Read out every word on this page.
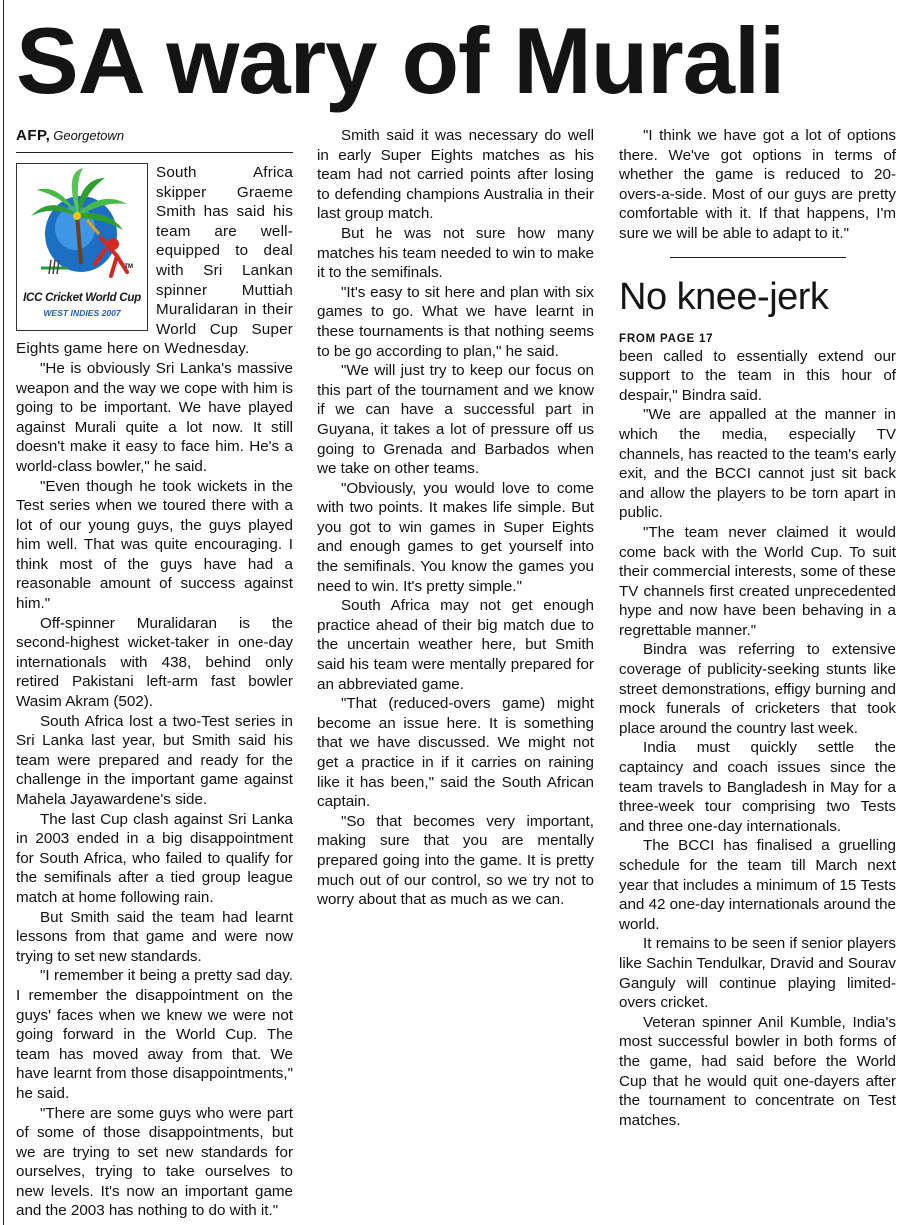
SA wary of Murali
AFP, Georgetown
TM
ICC Cricket World Cup
WEST INDIES 2007

South Africa skipper Graeme Smith has said his team are well-equipped to deal with Sri Lankan spinner Muttiah Muralidaran in their World Cup Super Eights game here on Wednesday.

"He is obviously Sri Lanka's massive weapon and the way we cope with him is going to be important. We have played against Murali quite a lot now. It still doesn't make it easy to face him. He's a world-class bowler," he said.

"Even though he took wickets in the Test series when we toured there with a lot of our young guys, the guys played him well. That was quite encouraging. I think most of the guys have had a reasonable amount of success against him."

Off-spinner Muralidaran is the second-highest wicket-taker in one-day internationals with 438, behind only retired Pakistani left-arm fast bowler Wasim Akram (502).

South Africa lost a two-Test series in Sri Lanka last year, but Smith said his team were prepared and ready for the challenge in the important game against Mahela Jayawardene's side.

The last Cup clash against Sri Lanka in 2003 ended in a big disappointment for South Africa, who failed to qualify for the semifinals after a tied group league match at home following rain.

But Smith said the team had learnt lessons from that game and were now trying to set new standards.

"I remember it being a pretty sad day. I remember the disappointment on the guys' faces when we knew we were not going forward in the World Cup. The team has moved away from that. We have learnt from those disappointments," he said.

"There are some guys who were part of some of those disappointments, but we are trying to set new standards for ourselves, trying to take ourselves to new levels. It's now an important game and the 2003 has nothing to do with it."

Smith said it was necessary do well in early Super Eights matches as his team had not carried points after losing to defending champions Australia in their last group match.

But he was not sure how many matches his team needed to win to make it to the semifinals.

"It's easy to sit here and plan with six games to go. What we have learnt in these tournaments is that nothing seems to be go according to plan," he said.

"We will just try to keep our focus on this part of the tournament and we know if we can have a successful part in Guyana, it takes a lot of pressure off us going to Grenada and Barbados when we take on other teams.

"Obviously, you would love to come with two points. It makes life simple. But you got to win games in Super Eights and enough games to get yourself into the semifinals. You know the games you need to win. It's pretty simple."

South Africa may not get enough practice ahead of their big match due to the uncertain weather here, but Smith said his team were mentally prepared for an abbreviated game.

"That (reduced-overs game) might become an issue here. It is something that we have discussed. We might not get a practice in if it carries on raining like it has been," said the South African captain.

"So that becomes very important, making sure that you are mentally prepared going into the game. It is pretty much out of our control, so we try not to worry about that as much as we can.

"I think we have got a lot of options there. We've got options in terms of whether the game is reduced to 20-overs-a-side. Most of our guys are pretty comfortable with it. If that happens, I'm sure we will be able to adapt to it."

No knee-jerk
FROM PAGE 17

been called to essentially extend our support to the team in this hour of despair," Bindra said.

"We are appalled at the manner in which the media, especially TV channels, has reacted to the team's early exit, and the BCCI cannot just sit back and allow the players to be torn apart in public.

"The team never claimed it would come back with the World Cup. To suit their commercial interests, some of these TV channels first created unprecedented hype and now have been behaving in a regrettable manner."

Bindra was referring to extensive coverage of publicity-seeking stunts like street demonstrations, effigy burning and mock funerals of cricketers that took place around the country last week.

India must quickly settle the captaincy and coach issues since the team travels to Bangladesh in May for a three-week tour comprising two Tests and three one-day internationals.

The BCCI has finalised a gruelling schedule for the team till March next year that includes a minimum of 15 Tests and 42 one-day internationals around the world.

It remains to be seen if senior players like Sachin Tendulkar, Dravid and Sourav Ganguly will continue playing limited-overs cricket.

Veteran spinner Anil Kumble, India's most successful bowler in both forms of the game, had said before the World Cup that he would quit one-dayers after the tournament to concentrate on Test matches.
